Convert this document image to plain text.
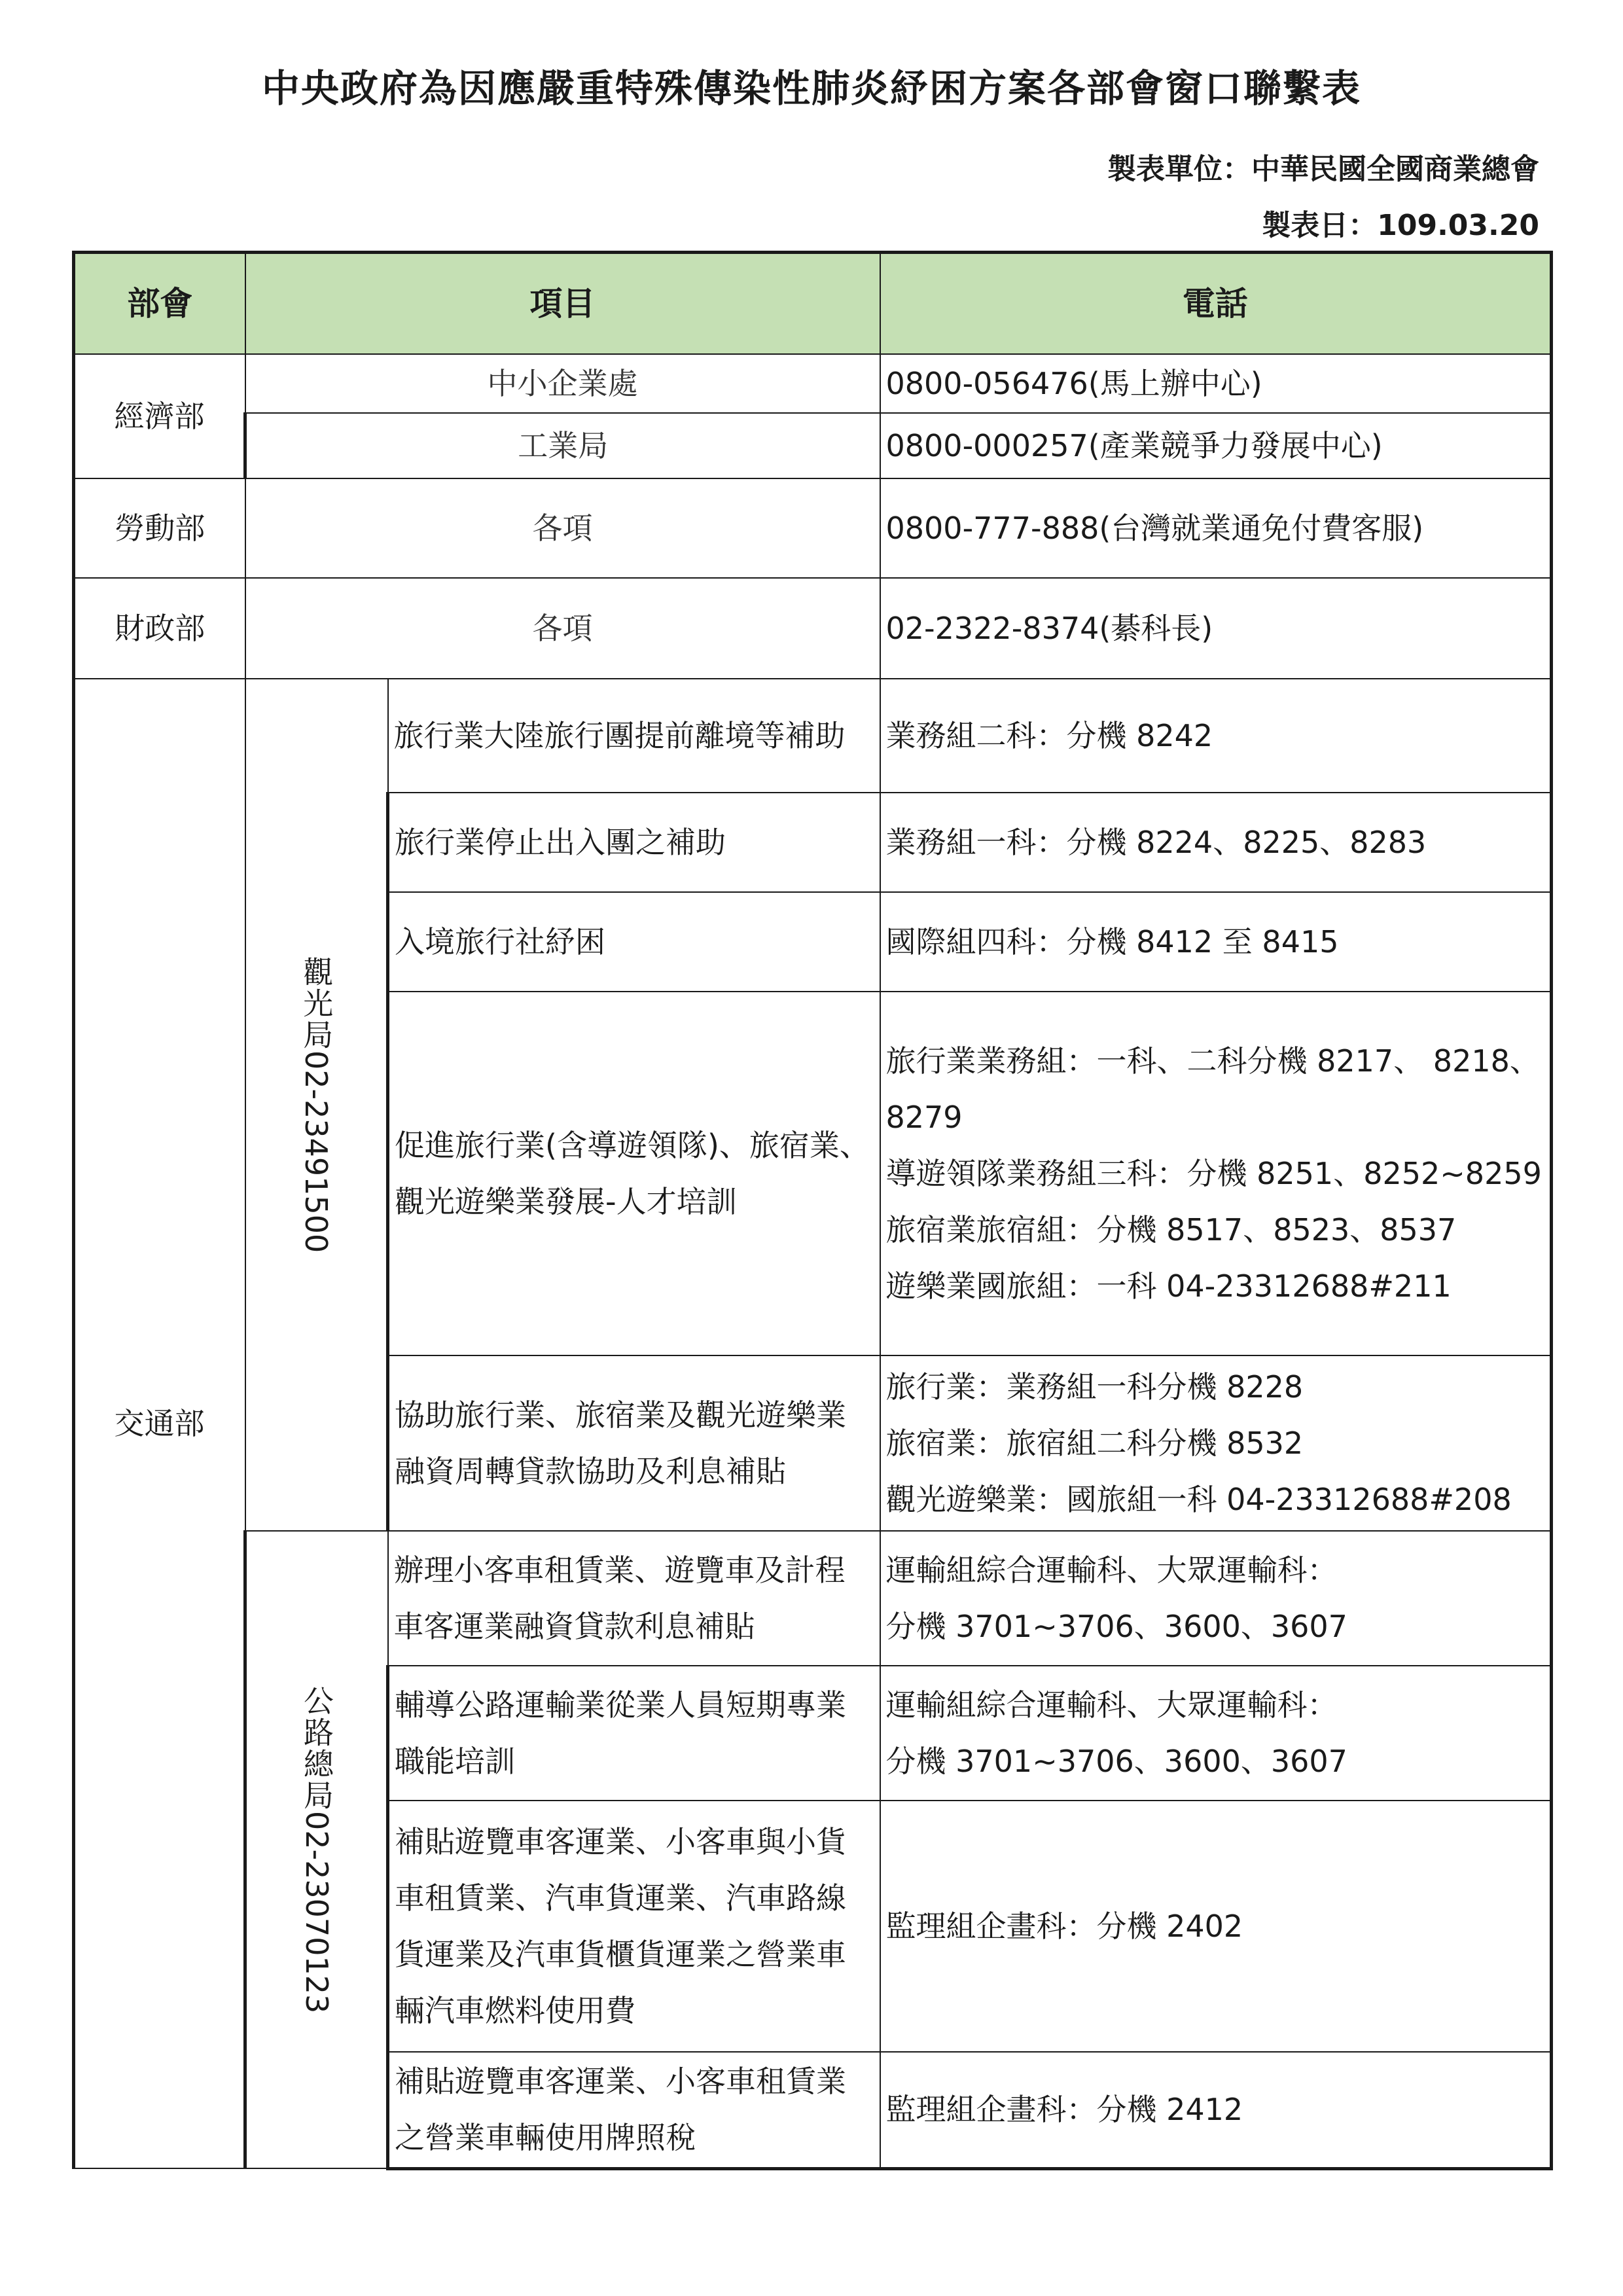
中央政府為因應嚴重特殊傳染性肺炎紓困方案各部會窗口聯繫表
製表單位：中華民國全國商業總會
製表日：109.03.20
部會	項目		電話
經濟部	中小企業處		0800-056476(馬上辦中心)
	工業局		0800-000257(產業競爭力發展中心)
勞動部	各項		0800-777-888(台灣就業通免付費客服)
財政部	各項		02-2322-8374(綦科長)
交通部	觀光局02-23491500	旅行業大陸旅行團提前離境等補助	業務組二科：分機 8242

		旅行業停止出入團之補助	業務組一科：分機 8224、8225、8283

		入境旅行社紓困	國際組四科：分機 8412 至 8415

		促進旅行業(含導遊領隊)、旅宿業、觀光遊樂業發展-人才培訓	旅行業業務組：一科、二科分機 8217、 8218、8279
導遊領隊業務組三科：分機 8251、8252~8259
旅宿業旅宿組：分機 8517、8523、8537
遊樂業國旅組：一科 04-23312688#211

		協助旅行業、旅宿業及觀光遊樂業融資周轉貸款協助及利息補貼	旅行業：業務組一科分機 8228
旅宿業：旅宿組二科分機 8532
觀光遊樂業：國旅組一科 04-23312688#208

	公路總局02-23070123	辦理小客車租賃業、遊覽車及計程車客運業融資貸款利息補貼	運輸組綜合運輸科、大眾運輸科：
分機 3701~3706、3600、3607

		輔導公路運輸業從業人員短期專業職能培訓	運輸組綜合運輸科、大眾運輸科：
分機 3701~3706、3600、3607

		補貼遊覽車客運業、小客車與小貨車租賃業、汽車貨運業、汽車路線貨運業及汽車貨櫃貨運業之營業車輛汽車燃料使用費	監理組企畫科：分機 2402

		補貼遊覽車客運業、小客車租賃業之營業車輛使用牌照稅	監理組企畫科：分機 2412
